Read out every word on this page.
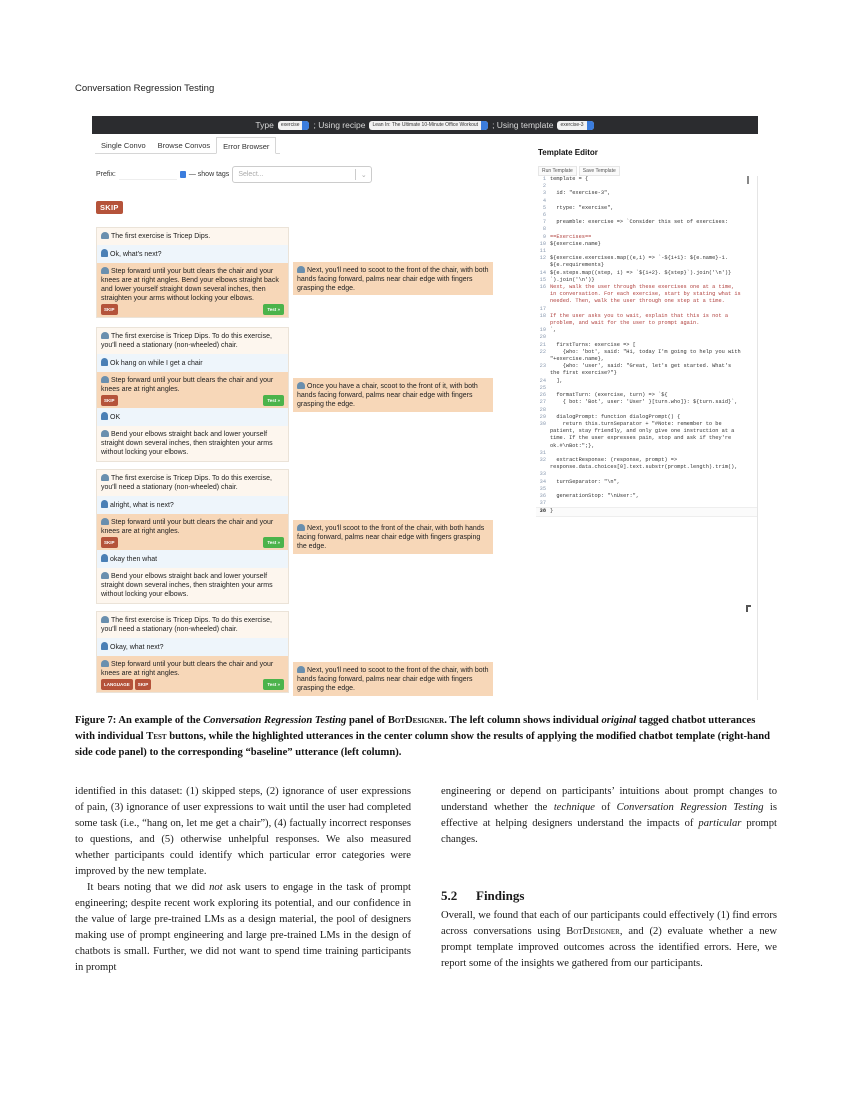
Conversation Regression Testing
Type exercise ; Using recipe Lean In: The Ultimate 10-Minute Office Workout ; Using template exercise-3
Single Convo	Browse Convos	Error Browser
Prefix:	— show tags Select...	⌄
SKIP
The first exercise is Tricep Dips.
Ok, what's next?
Step forward until your butt clears the chair and your knees are at right angles. Bend your elbows straight back and lower yourself straight down several inches, then straighten your arms without locking your elbows.
SKIP	Test »
Next, you'll need to scoot to the front of the chair, with both hands facing forward, palms near chair edge with fingers grasping the edge.
The first exercise is Tricep Dips. To do this exercise, you'll need a stationary (non-wheeled) chair.
Ok hang on while I get a chair
Step forward until your butt clears the chair and your knees are at right angles.
SKIP	Test »
OK
Bend your elbows straight back and lower yourself straight down several inches, then straighten your arms without locking your elbows.
Once you have a chair, scoot to the front of it, with both hands facing forward, palms near chair edge with fingers grasping the edge.
The first exercise is Tricep Dips. To do this exercise, you'll need a stationary (non-wheeled) chair.
alright, what is next?
Step forward until your butt clears the chair and your knees are at right angles.
SKIP	Test »
okay then what
Bend your elbows straight back and lower yourself straight down several inches, then straighten your arms without locking your elbows.
Next, you'll scoot to the front of the chair, with both hands facing forward, palms near chair edge with fingers grasping the edge.
The first exercise is Tricep Dips. To do this exercise, you'll need a stationary (non-wheeled) chair.
Okay, what next?
Step forward until your butt clears the chair and your knees are at right angles.
LANGUAGE	SKIP	Test »
Next, you'll need to scoot to the front of the chair, with both hands facing forward, palms near chair edge with fingers grasping the edge.
Template Editor
Run Template	Save Template
1 template = {
2
3 id: "exercise-3",
4
5 rtype: "exercise",
6
7 preamble: exercise => `Consider this set of exercises:
8
9 ==Exercises==
10 ${exercise.name}
11
12 ${exercise.exercises.map((e,i) => `-${i+1}: ${e.name}-1. ${e.requirements}
14 ${e.steps.map((step, i) => `${i+2}. ${step}`).join('\n')}
15 `).join('\n')}
16 Next, walk the user through these exercises one at a time, in conversation. For each exercise, start by stating what is needed. Then, walk the user through one step at a time.
17
18 If the user asks you to wait, explain that this is not a problem, and wait for the user to prompt again.
19 `,
20
21 firstTurns: exercise => [
22 {who: 'bot', said: "Hi, today I'm going to help you with "+exercise.name},
23 {who: 'user', said: "Great, let's get started. What's the first exercise?"}
24 ],
25
26 formatTurn: (exercise, turn) => `${
27 { bot: 'Bot', user: 'User' }[turn.who]}: ${turn.said}`,
28
29 dialogPrompt: function dialogPrompt() {
30 return this.turnSeparator + "#Note: remember to be patient, stay friendly, and only give one instruction at a time. If the user expresses pain, stop and ask if they're ok.#\nBot:";},
31
32 extractResponse: (response, prompt) => response.data.choices[0].text.substr(prompt.length).trim(),
33
34 turnSeparator: "\n",
35
36 generationStop: "\nUser:",
37
38 }
Figure 7: An example of the Conversation Regression Testing panel of BotDesigner. The left column shows individual original tagged chatbot utterances with individual Test buttons, while the highlighted utterances in the center column show the results of applying the modified chatbot template (right-hand side code panel) to the corresponding “baseline” utterance (left column).

identified in this dataset: (1) skipped steps, (2) ignorance of user expressions of pain, (3) ignorance of user expressions to wait until the user had completed some task (i.e., “hang on, let me get a chair”), (4) factually incorrect responses to questions, and (5) otherwise unhelpful responses. We also measured whether participants could identify which particular error categories were improved by the new template.

It bears noting that we did not ask users to engage in the task of prompt engineering; despite recent work exploring its potential, and our confidence in the value of large pre-trained LMs as a design material, the pool of designers making use of prompt engineering and large pre-trained LMs in the design of chatbots is small. Further, we did not want to spend time training participants in prompt

engineering or depend on participants’ intuitions about prompt changes to understand whether the technique of Conversation Regression Testing is effective at helping designers understand the impacts of particular prompt changes.

5.2 Findings
Overall, we found that each of our participants could effectively (1) find errors across conversations using BotDesigner, and (2) evaluate whether a new prompt template improved outcomes across the identified errors. Here, we report some of the insights we gathered from our participants.
